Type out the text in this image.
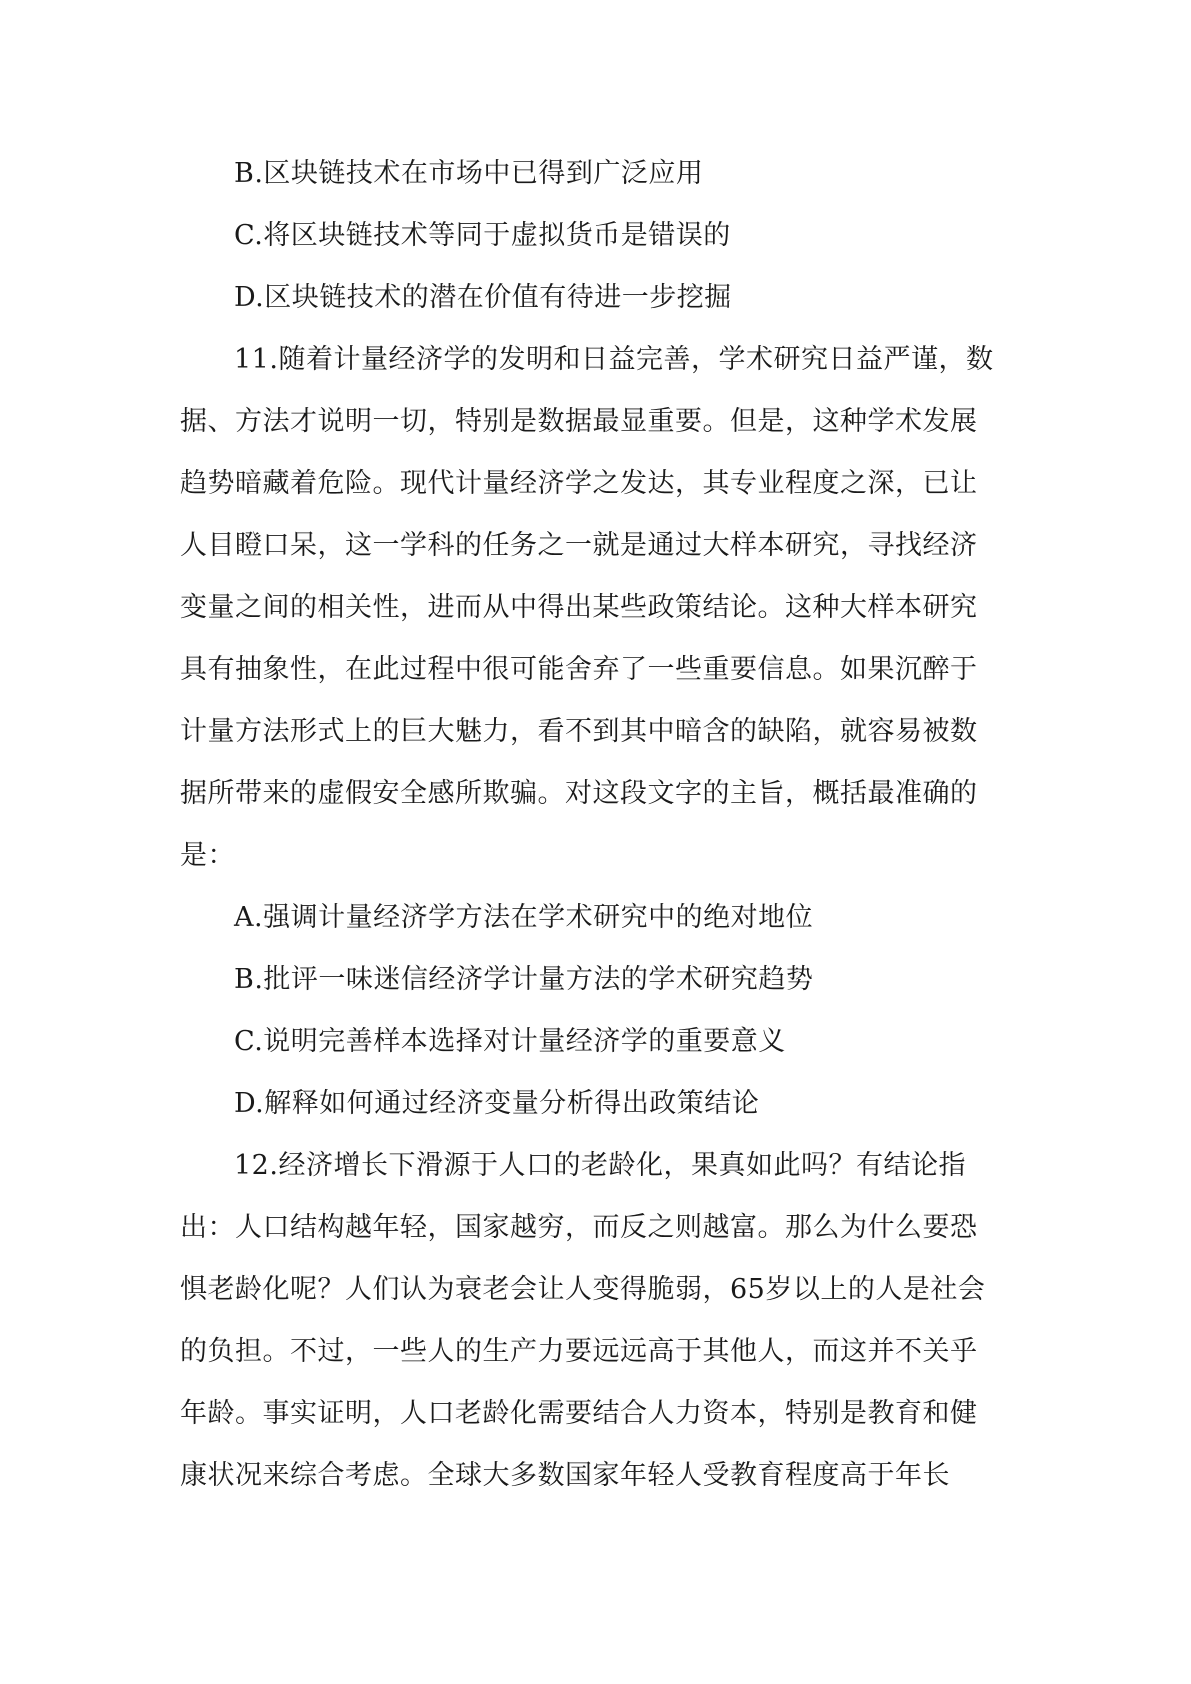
B.区块链技术在市场中已得到广泛应用
C.将区块链技术等同于虚拟货币是错误的
D.区块链技术的潜在价值有待进一步挖掘
11.随着计量经济学的发明和日益完善，学术研究日益严谨，数
据、方法才说明一切，特别是数据最显重要。但是，这种学术发展
趋势暗藏着危险。现代计量经济学之发达，其专业程度之深，已让
人目瞪口呆，这一学科的任务之一就是通过大样本研究，寻找经济
变量之间的相关性，进而从中得出某些政策结论。这种大样本研究
具有抽象性，在此过程中很可能舍弃了一些重要信息。如果沉醉于
计量方法形式上的巨大魅力，看不到其中暗含的缺陷，就容易被数
据所带来的虚假安全感所欺骗。对这段文字的主旨，概括最准确的
是：
A.强调计量经济学方法在学术研究中的绝对地位
B.批评一味迷信经济学计量方法的学术研究趋势
C.说明完善样本选择对计量经济学的重要意义
D.解释如何通过经济变量分析得出政策结论
12.经济增长下滑源于人口的老龄化，果真如此吗？有结论指
出：人口结构越年轻，国家越穷，而反之则越富。那么为什么要恐
惧老龄化呢？人们认为衰老会让人变得脆弱，65岁以上的人是社会
的负担。不过，一些人的生产力要远远高于其他人，而这并不关乎
年龄。事实证明，人口老龄化需要结合人力资本，特别是教育和健
康状况来综合考虑。全球大多数国家年轻人受教育程度高于年长
